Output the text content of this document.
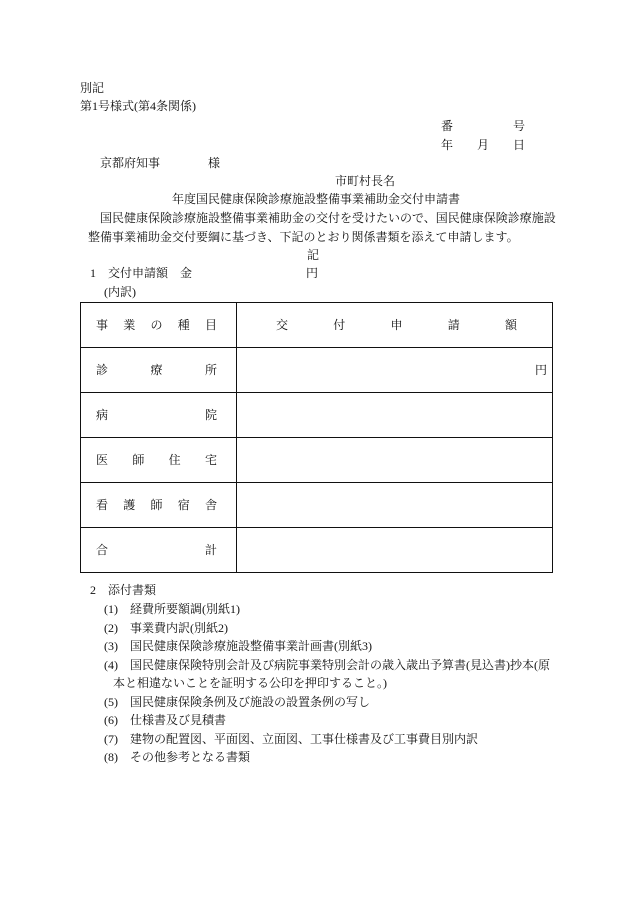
別記
第1号様式(第4条関係)
番	号
年 月 日
京都府知事	様
市町村長名
年度国民健康保険診療施設整備事業補助金交付申請書
国民健康保険診療施設整備事業補助金の交付を受けたいので、国民健康保険診療施設
整備事業補助金交付要綱に基づき、下記のとおり関係書類を添えて申請します。
記
1 交付申請額 金	円
(内訳)
事 業 の 種 目	交 付 申 請 額

診 療 所	円

病 院	

医 師 住 宅	

看 護 師 宿 舎	

合 計	

2 添付書類
(1) 経費所要額調(別紙1)
(2) 事業費内訳(別紙2)
(3) 国民健康保険診療施設整備事業計画書(別紙3)
(4) 国民健康保険特別会計及び病院事業特別会計の歳入歳出予算書(見込書)抄本(原
本と相違ないことを証明する公印を押印すること。)
(5) 国民健康保険条例及び施設の設置条例の写し
(6) 仕様書及び見積書
(7) 建物の配置図、平面図、立面図、工事仕様書及び工事費目別内訳
(8) その他参考となる書類
